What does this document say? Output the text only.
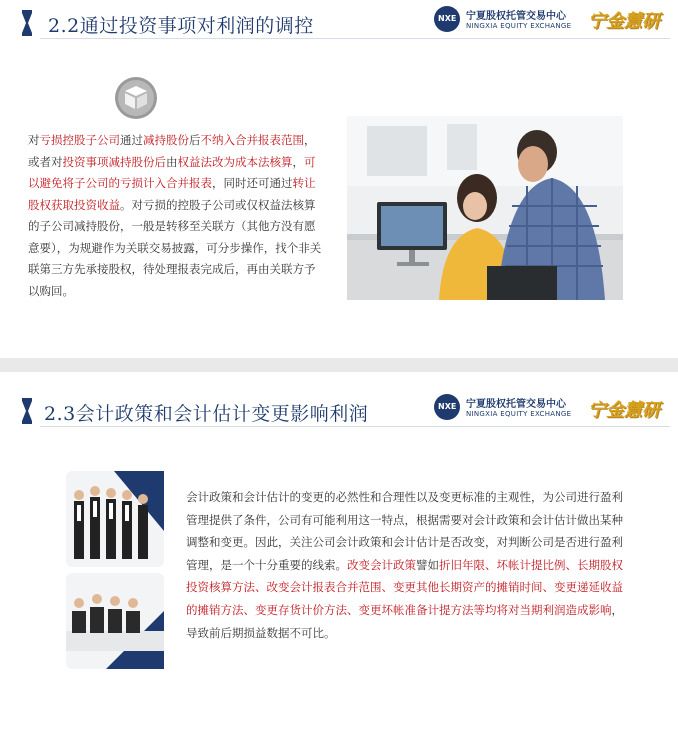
2.2通过投资事项对利润的调控	NXE 宁夏股权托管交易中心
NINGXIA EQUITY EXCHANGE 宁金慧研
对亏损控股子公司通过减持股份后不纳入合并报表范围，或者对投资事项减持股份后由权益法改为成本法核算，可以避免将子公司的亏损计入合并报表，同时还可通过转让股权获取投资收益。对亏损的控股子公司或仅权益法核算的子公司减持股份，一般是转移至关联方（其他方没有愿意要），为规避作为关联交易披露，可分步操作，找个非关联第三方先承接股权，待处理报表完成后，再由关联方予以购回。
2.3会计政策和会计估计变更影响利润	NXE 宁夏股权托管交易中心
NINGXIA EQUITY EXCHANGE 宁金慧研
会计政策和会计估计的变更的必然性和合理性以及变更标准的主观性，为公司进行盈利管理提供了条件，公司有可能利用这一特点，根据需要对会计政策和会计估计做出某种调整和变更。因此，关注公司会计政策和会计估计是否改变，对判断公司是否进行盈利管理，是一个十分重要的线索。改变会计政策譬如折旧年限、坏帐计提比例、长期股权投资核算方法、改变会计报表合并范围、变更其他长期资产的摊销时间、变更递延收益的摊销方法、变更存货计价方法、变更坏帐准备计提方法等均将对当期利润造成影响，导致前后期损益数据不可比。
